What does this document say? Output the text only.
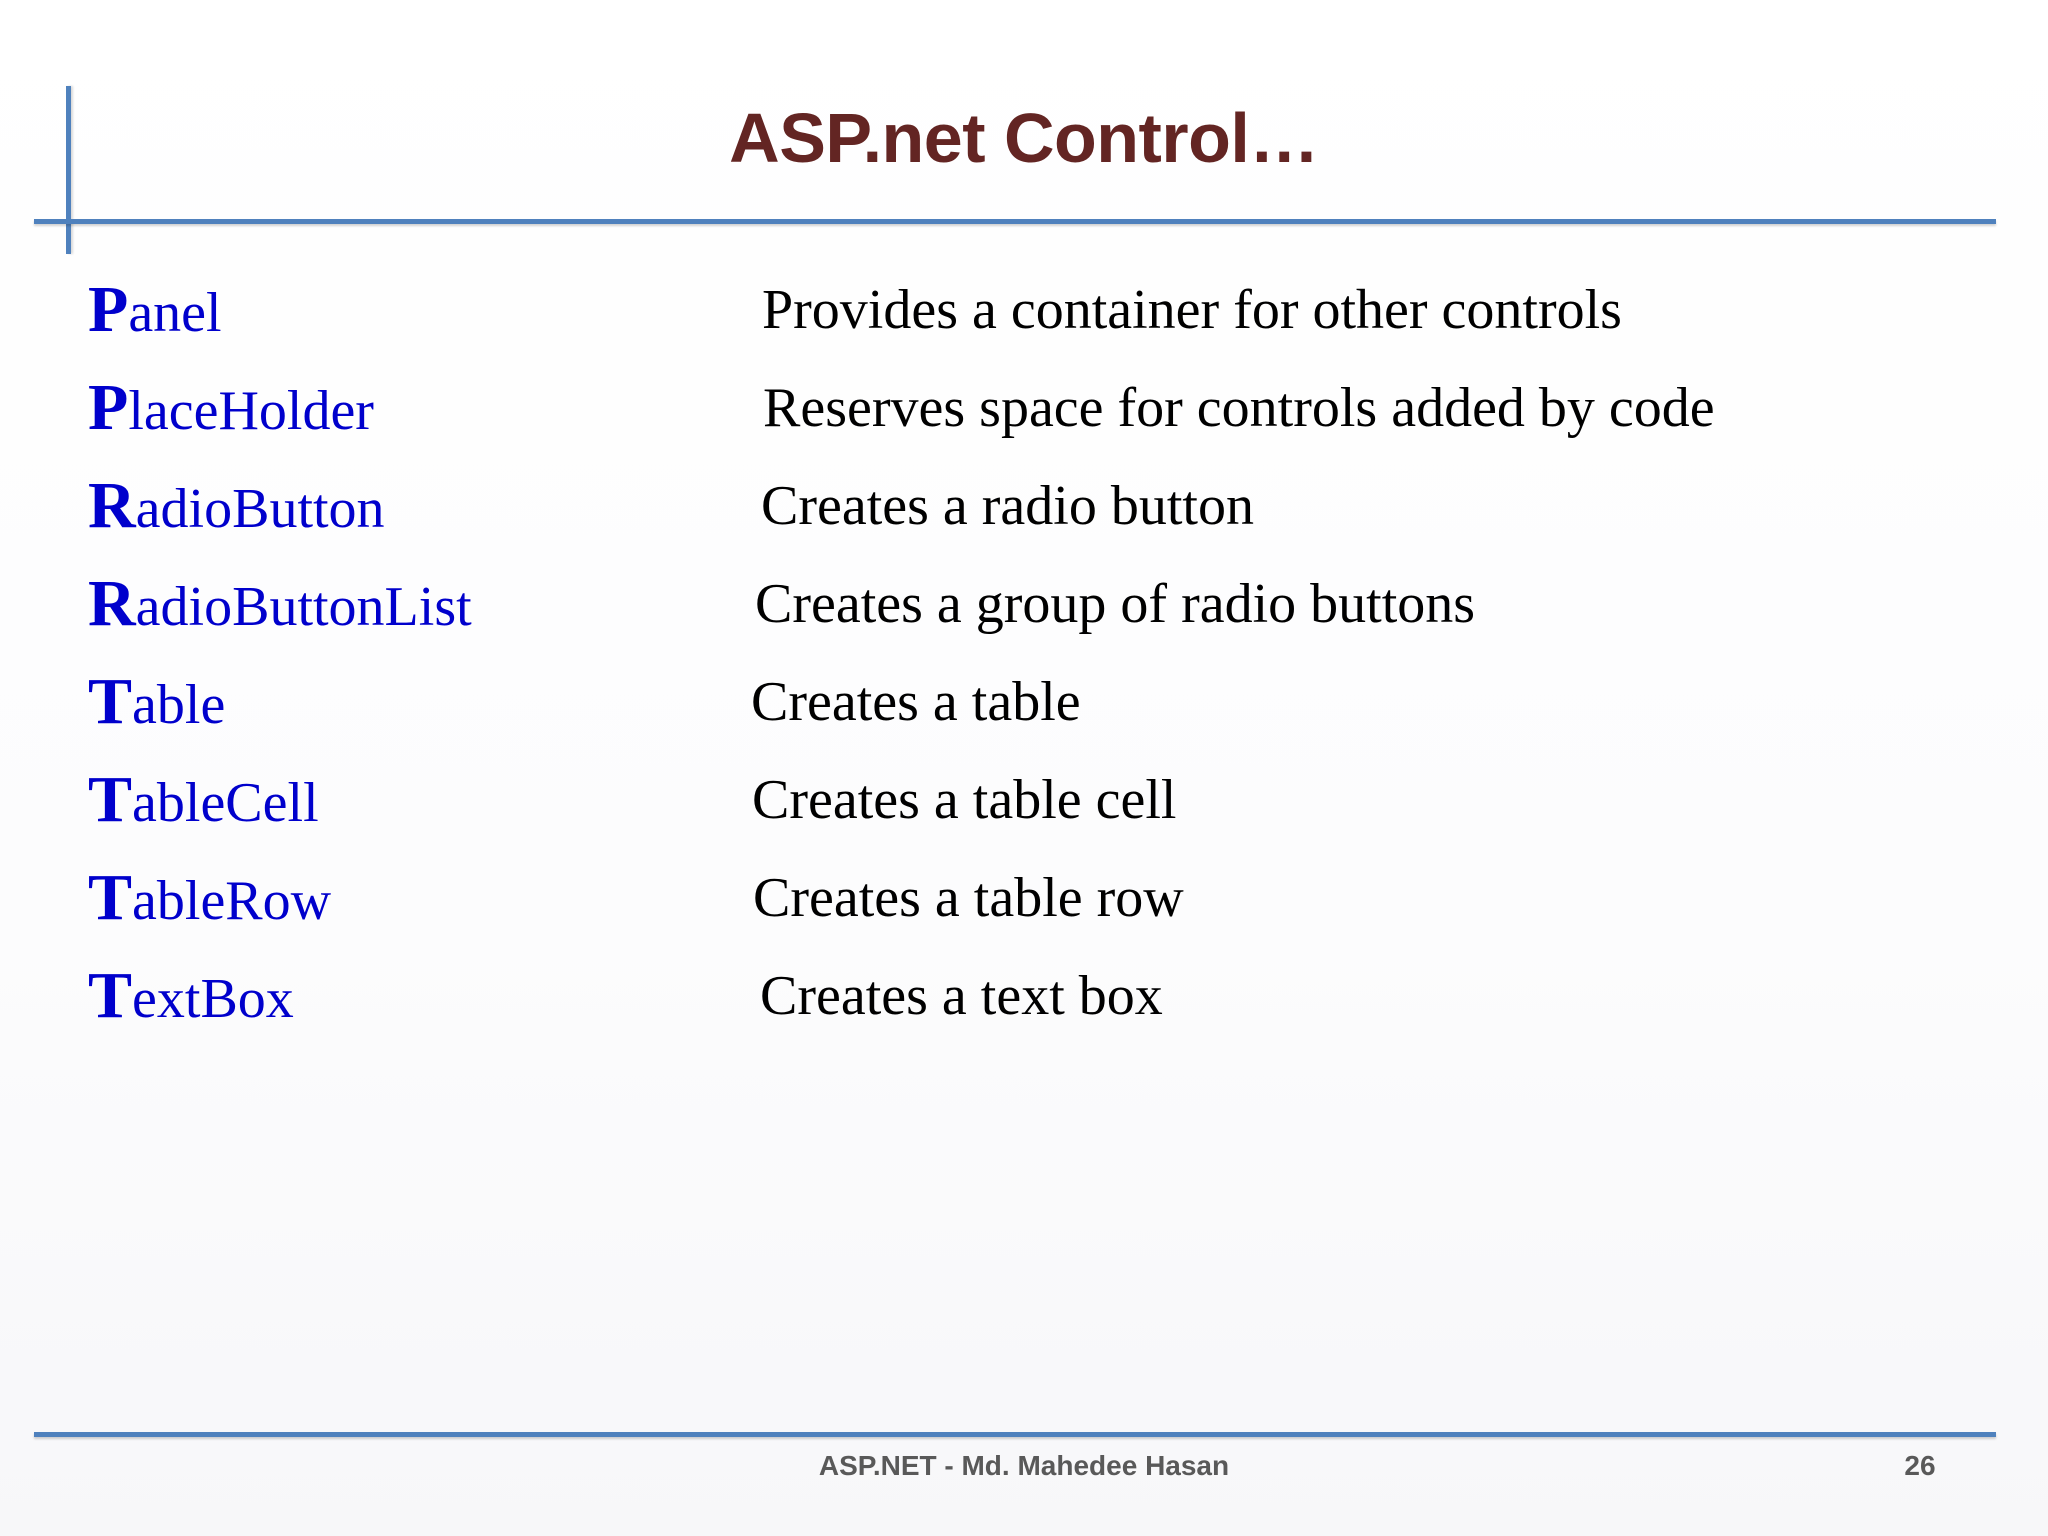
ASP.net Control…
Panel	Provides a container for other controls
PlaceHolder	Reserves space for controls added by code
RadioButton	Creates a radio button
RadioButtonList	Creates a group of radio buttons
Table	Creates a table
TableCell	Creates a table cell
TableRow	Creates a table row
TextBox	Creates a text box
ASP.NET - Md. Mahedee Hasan	26
